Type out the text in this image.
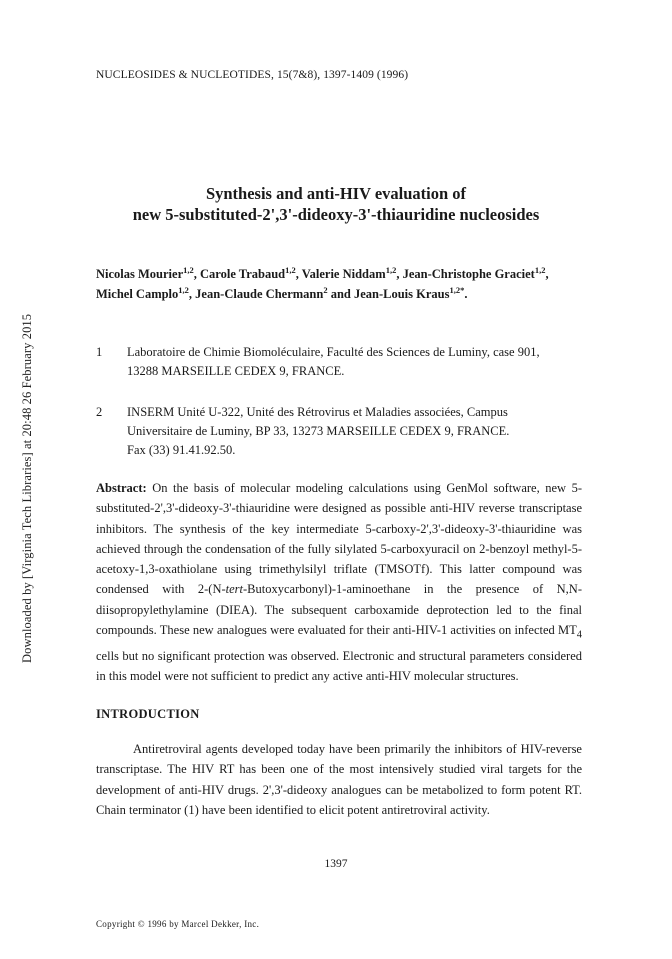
Downloaded by [Virginia Tech Libraries] at 20:48 26 February 2015
NUCLEOSIDES & NUCLEOTIDES, 15(7&8), 1397-1409 (1996)
Synthesis and anti-HIV evaluation of
new 5-substituted-2',3'-dideoxy-3'-thiauridine nucleosides
Nicolas Mourier$^{1,2}$, Carole Trabaud$^{1,2}$, Valerie Niddam$^{1,2}$, Jean-Christophe Graciet$^{1,2}$,
Michel Camplo$^{1,2}$, Jean-Claude Chermann$^2$ and Jean-Louis Kraus$^{1,2*}$.
1 Laboratoire de Chimie Biomoléculaire, Faculté des Sciences de Luminy, case 901,
13288 MARSEILLE CEDEX 9, FRANCE.
2 INSERM Unité U-322, Unité des Rétrovirus et Maladies associées, Campus
Universitaire de Luminy, BP 33, 13273 MARSEILLE CEDEX 9, FRANCE.
Fax (33) 91.41.92.50.
Abstract: On the basis of molecular modeling calculations using GenMol software, new 5-substituted-2',3'-dideoxy-3'-thiauridine were designed as possible anti-HIV reverse transcriptase inhibitors. The synthesis of the key intermediate 5-carboxy-2',3'-dideoxy-3'-thiauridine was achieved through the condensation of the fully silylated 5-carboxyuracil on 2-benzoyl methyl-5-acetoxy-1,3-oxathiolane using trimethylsilyl triflate (TMSOTf). This latter compound was condensed with 2-(N-tert-Butoxycarbonyl)-1-aminoethane in the presence of N,N-diisopropylethylamine (DIEA). The subsequent carboxamide deprotection led to the final compounds. These new analogues were evaluated for their anti-HIV-1 activities on infected $MT_4$ cells but no significant protection was observed. Electronic and structural parameters considered in this model were not sufficient to predict any active anti-HIV molecular structures.
INTRODUCTION
Antiretroviral agents developed today have been primarily the inhibitors of HIV-reverse transcriptase. The HIV RT has been one of the most intensively studied viral targets for the development of anti-HIV drugs. 2',3'-dideoxy analogues can be metabolized to form potent RT. Chain terminator (1) have been identified to elicit potent antiretroviral activity.
1397
Copyright © 1996 by Marcel Dekker, Inc.
